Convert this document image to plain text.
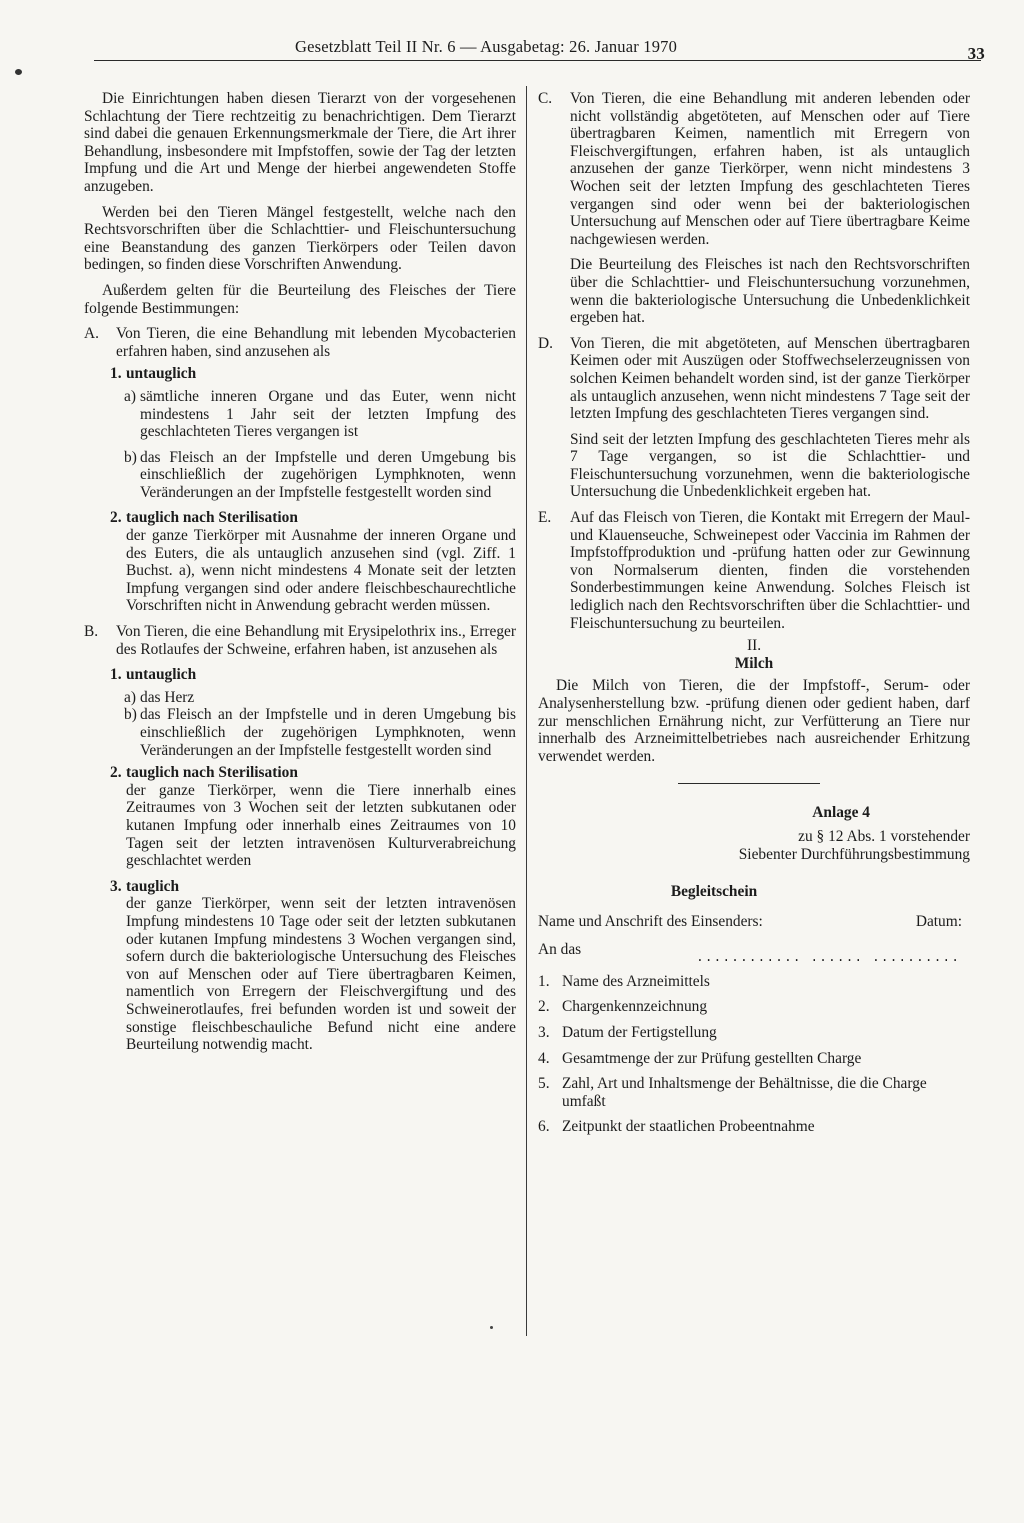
Gesetzblatt Teil II Nr. 6 — Ausgabetag: 26. Januar 1970	33

Die Einrichtungen haben diesen Tierarzt von der vorgesehenen Schlachtung der Tiere rechtzeitig zu benachrichtigen. Dem Tierarzt sind dabei die genauen Erkennungsmerkmale der Tiere, die Art ihrer Behandlung, insbesondere mit Impfstoffen, sowie der Tag der letzten Impfung und die Art und Menge der hierbei angewendeten Stoffe anzugeben.

Werden bei den Tieren Mängel festgestellt, welche nach den Rechtsvorschriften über die Schlachttier- und Fleischuntersuchung eine Beanstandung des ganzen Tierkörpers oder Teilen davon bedingen, so finden diese Vorschriften Anwendung.

Außerdem gelten für die Beurteilung des Fleisches der Tiere folgende Bestimmungen:

A. Von Tieren, die eine Behandlung mit lebenden Mycobacterien erfahren haben, sind anzusehen als

1. untauglich
a) sämtliche inneren Organe und das Euter, wenn nicht mindestens 1 Jahr seit der letzten Impfung des geschlachteten Tieres vergangen ist

b) das Fleisch an der Impfstelle und deren Umgebung bis einschließlich der zugehörigen Lymphknoten, wenn Veränderungen an der Impfstelle festgestellt worden sind

2. tauglich nach Sterilisation

der ganze Tierkörper mit Ausnahme der inneren Organe und des Euters, die als untauglich anzusehen sind (vgl. Ziff. 1 Buchst. a), wenn nicht mindestens 4 Monate seit der letzten Impfung vergangen sind oder andere fleischbeschaurechtliche Vorschriften nicht in Anwendung gebracht werden müssen.

B. Von Tieren, die eine Behandlung mit Erysipelothrix ins., Erreger des Rotlaufes der Schweine, erfahren haben, ist anzusehen als

1. untauglich
a) das Herz

b) das Fleisch an der Impfstelle und in deren Umgebung bis einschließlich der zugehörigen Lymphknoten, wenn Veränderungen an der Impfstelle festgestellt worden sind

2. tauglich nach Sterilisation

der ganze Tierkörper, wenn die Tiere innerhalb eines Zeitraumes von 3 Wochen seit der letzten subkutanen oder kutanen Impfung oder innerhalb eines Zeitraumes von 10 Tagen seit der letzten intravenösen Kulturverabreichung geschlachtet werden

3. tauglich

der ganze Tierkörper, wenn seit der letzten intravenösen Impfung mindestens 10 Tage oder seit der letzten subkutanen oder kutanen Impfung mindestens 3 Wochen vergangen sind, sofern durch die bakteriologische Untersuchung des Fleisches von auf Menschen oder auf Tiere übertragbaren Keimen, namentlich von Erregern der Fleischvergiftung und des Schweinerotlaufes, frei befunden worden ist und soweit der sonstige fleischbeschauliche Befund nicht eine andere Beurteilung notwendig macht.

C. Von Tieren, die eine Behandlung mit anderen lebenden oder nicht vollständig abgetöteten, auf Menschen oder auf Tiere übertragbaren Keimen, namentlich mit Erregern von Fleischvergiftungen, erfahren haben, ist als untauglich anzusehen der ganze Tierkörper, wenn nicht mindestens 3 Wochen seit der letzten Impfung des geschlachteten Tieres vergangen sind oder wenn bei der bakteriologischen Untersuchung auf Menschen oder auf Tiere übertragbare Keime nachgewiesen werden.

Die Beurteilung des Fleisches ist nach den Rechtsvorschriften über die Schlachttier- und Fleischuntersuchung vorzunehmen, wenn die bakteriologische Untersuchung die Unbedenklichkeit ergeben hat.

D. Von Tieren, die mit abgetöteten, auf Menschen übertragbaren Keimen oder mit Auszügen oder Stoffwechselerzeugnissen von solchen Keimen behandelt worden sind, ist der ganze Tierkörper als untauglich anzusehen, wenn nicht mindestens 7 Tage seit der letzten Impfung des geschlachteten Tieres vergangen sind.

Sind seit der letzten Impfung des geschlachteten Tieres mehr als 7 Tage vergangen, so ist die Schlachttier- und Fleischuntersuchung vorzunehmen, wenn die bakteriologische Untersuchung die Unbedenklichkeit ergeben hat.

E. Auf das Fleisch von Tieren, die Kontakt mit Erregern der Maul- und Klauenseuche, Schweinepest oder Vaccinia im Rahmen der Impfstoffproduktion und -prüfung hatten oder zur Gewinnung von Normalserum dienten, finden die vorstehenden Sonderbestimmungen keine Anwendung. Solches Fleisch ist lediglich nach den Rechtsvorschriften über die Schlachttier- und Fleischuntersuchung zu beurteilen.

II.

Milch

Die Milch von Tieren, die der Impfstoff-, Serum- oder Analysenherstellung bzw. -prüfung dienen oder gedient haben, darf zur menschlichen Ernährung nicht, zur Verfütterung an Tiere nur innerhalb des Arzneimittelbetriebes nach ausreichender Erhitzung verwendet werden.

Anlage 4

zu § 12 Abs. 1 vorstehender

Siebenter Durchführungsbestimmung

Begleitschein

Name und Anschrift des Einsenders:	Datum:
An das	............ ...... ..........
1. Name des Arzneimittels
2. Chargenkennzeichnung
3. Datum der Fertigstellung
4. Gesamtmenge der zur Prüfung gestellten Charge
5. Zahl, Art und Inhaltsmenge der Behältnisse, die die Charge umfaßt
6. Zeitpunkt der staatlichen Probeentnahme
